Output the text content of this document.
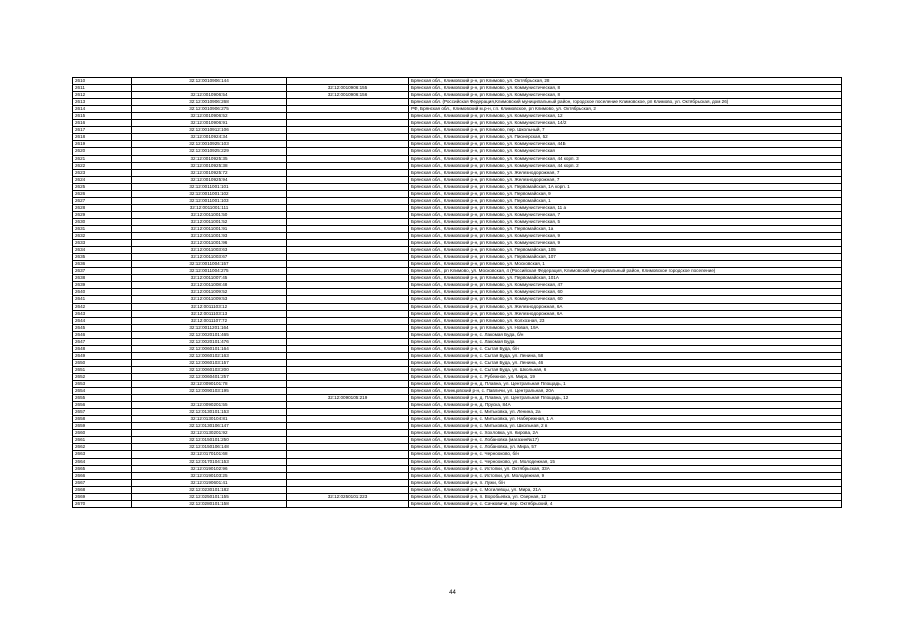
2610	32:12:0010906:144		Брянская обл., Климовский р-н, рп Климово, ул. Октябрьская, 28
2611		32:12:0010906:155	Брянская обл., Климовский р-н, рп Климово, ул. Коммунистическая, 8
2612	32:12:0010906:54	32:12:0010906:156	Брянская обл., Климовский р-н, рп Климово, ул. Коммунистическая, 8
2613	32:12:0010906:268		Брянская обл. (Российская Федерация,Климовский муниципальный район, городское поселение Климовское, рп Климово, ул. Октябрьская, дом 26)
2614	32:12:0010906:275		РФ, Брянская обл., Климовский м.р-н, г.п. Климовское, рп Климово, ул. Октябрьская, 2
2615	32:12:0010906:52		Брянская обл., Климовский р-н, рп Климово, ул. Коммунистическая, 12
2616	32:12:0010906:91		Брянская обл., Климовский р-н, рп Климово, ул. Коммунистическая, 14/2
2617	32:12:0010912:106		Брянская обл., Климовский р-н, рп Климово, пер. Школьный, 7
2618	32:12:0010924:34		Брянская обл., Климовский р-н, рп Климово, ул. Пионерская, 52
2619	32:12:0010925:103		Брянская обл., Климовский р-н, рп Климово, ул. Коммунистическая, 44Б
2620	32:12:0010925:229		Брянская обл., Климовский р-н, рп Климово, ул. Коммунистическая
2621	32:12:0010925:35		Брянская обл., Климовский р-н, рп Климово, ул. Коммунистическая, 44 корп. 3
2622	32:12:0010925:38		Брянская обл., Климовский р-н, рп Климово, ул. Коммунистическая, 44 корп. 2
2623	32:12:0010925:72		Брянская обл., Климовский р-н, рп Климово, ул. Железнодорожная, 7
2624	32:12:0010925:94		Брянская обл., Климовский р-н, рп Климово, ул. Железнодорожная, 7
2625	32:12:0011001:101		Брянская обл., Климовский р-н, рп Климово, ул. Первомайская, 1А корп. 1
2626	32:12:0011001:102		Брянская обл., Климовский р-н, рп Климово, ул. Первомайская, 9
2627	32:12:0011001:103		Брянская обл., Климовский р-н, рп Климово, ул. Первомайская, 1
2628	32:12:0011001:111		Брянская обл., Климовский р-н, рп Климово, ул. Коммунистическая, 11 а
2629	32:12:0011001:50		Брянская обл., Климовский р-н, рп Климово, ул. Коммунистическая, 7
2630	32:12:0011001:52		Брянская обл., Климовский р-н, рп Климово, ул. Коммунистическая, 5
2631	32:12:0011001:91		Брянская обл., Климовский р-н, рп Климово, ул. Первомайская, 1а
2632	32:12:0011001:93		Брянская обл., Климовский р-н, рп Климово, ул. Коммунистическая, 9
2633	32:12:0011001:96		Брянская обл., Климовский р-н, рп Климово, ул. Коммунистическая, 9
2634	32:12:0011003:63		Брянская обл., Климовский р-н, рп Климово, ул. Первомайская, 105
2635	32:12:0011003:67		Брянская обл., Климовский р-н, рп Климово, ул. Первомайская, 107
2636	32:12:0011004:157		Брянская обл., Климовский р-н, рп Климово, ул. Московская, 1
2637	32:12:0011004:275		Брянская обл., рп Климово, ул. Московская, 4 (Российская Федерация, Климовский муниципальный район, Климовское городское поселение)
2638	32:12:0011007:45		Брянская обл., Климовский р-н, рп Климово, ул. Первомайская, 101А
2639	32:12:0011008:48		Брянская обл., Климовский р-н, рп Климово, ул. Коммунистическая, 47
2640	32:12:0011009:52		Брянская обл., Климовский р-н, рп Климово, ул. Коммунистическая, 60
2641	32:12:0011009:53		Брянская обл., Климовский р-н, рп Климово, ул. Коммунистическая, 60
2642	32:12:0011103:12		Брянская обл., Климовский р-н, рп Климово, ул. Железнодорожная, 6А
2643	32:12:0011103:13		Брянская обл., Климовский р-н, рп Климово, ул. Железнодорожная, 6А
2644	32:12:0011107:72		Брянская обл., Климовский р-н, рп Климово, ул. Колхозная, 23
2645	32:12:0011201:164		Брянская обл., Климовский р-н, рп Климово, ул. Новая, 19А
2646	32:12:0020101:465		Брянская обл., Климовский р-н, с. Лакомая Буда, б/н
2647	32:12:0020101:476		Брянская обл., Климовский р-н, с. Лакомая Буда
2648	32:12:0060101:164		Брянская обл., Климовский р-н, с. Сытая Буда, б/н
2649	32:12:0060102:163		Брянская обл., Климовский р-н, с. Сытая Буда, ул. Ленина, 58
2650	32:12:0060103:157		Брянская обл., Климовский р-н, с. Сытая Буда, ул. Ленина, 46
2651	32:12:0060103:200		Брянская обл., Климовский р-н, с. Сытая Буда, ул. Школьная, 6
2652	32:12:0060401:257		Брянская обл., Климовский р-н, с. Рубежное, ул. Мира, 19
2653	32:12:0090101:78		Брянская обл., Климовский р-н, д. Плавна, ул. Центральная Площадь, 1
2654	32:12:0090103:195		Брянская обл., Клинцовский р-н, с. Павличи, ул. Центральная, 20А
2655		32:12:0090105:219	Брянская обл., Климовский р-н, д. Плавна, ул. Центральная Площадь, 12
2656	32:12:0090201:55		Брянская обл., Климовский р-н, д. Пруска, 84А
2657	32:12:0130101:153		Брянская обл., Климовский р-н, с. Митьковка, ул. Ленина, 2а
2658	32:12:0130104:81		Брянская обл., Климовский р-н, с. Митьковка, ул. Набережная, 1 А
2659	32:12:0130106:147		Брянская обл., Климовский р-н, с. Митьковка, ул. Школьная, 2 в
2660	32:12:0130201:92		Брянская обл., Климовский р-н, с. Хохловка, ул. Кирова, 2А
2661	32:12:0150101:250		Брянская обл., Климовский р-н, с. Лобановка (магазин№17)
2662	32:12:0150106:148		Брянская обл., Климовский р-н, с. Лобановка, ул. Мира, 57
2663	32:12:0170101:68		Брянская обл., Климовский р-н, с. Чернооково, б/н
2664	32:12:0170104:153		Брянская обл., Климовский р-н, с. Чернооково, ул. Молодежная, 15
2665	32:12:0190102:96		Брянская обл., Климовский р-н, с. Истопки, ул. Октябрьская, 33А
2666	32:12:0190103:25		Брянская обл., Климовский р-н, с. Истопки, ул. Молодежная, 9
2667	32:12:0190601:41		Брянская обл., Климовский р-н, п. Лужи, б/н
2668	32:12:0230101:182		Брянская обл., Климовский р-н, с. Могилевцы, ул. Мира, 21А
2669	32:12:0250101:155	32:12:0250101:223	Брянская обл., Климовский р-н, п. Воробьевка, ул. Озерная, 12
2670	32:12:0280101:158		Брянская обл., Климовский р-н, с. Сачковичи, пер. Октябрьский, 4
44
